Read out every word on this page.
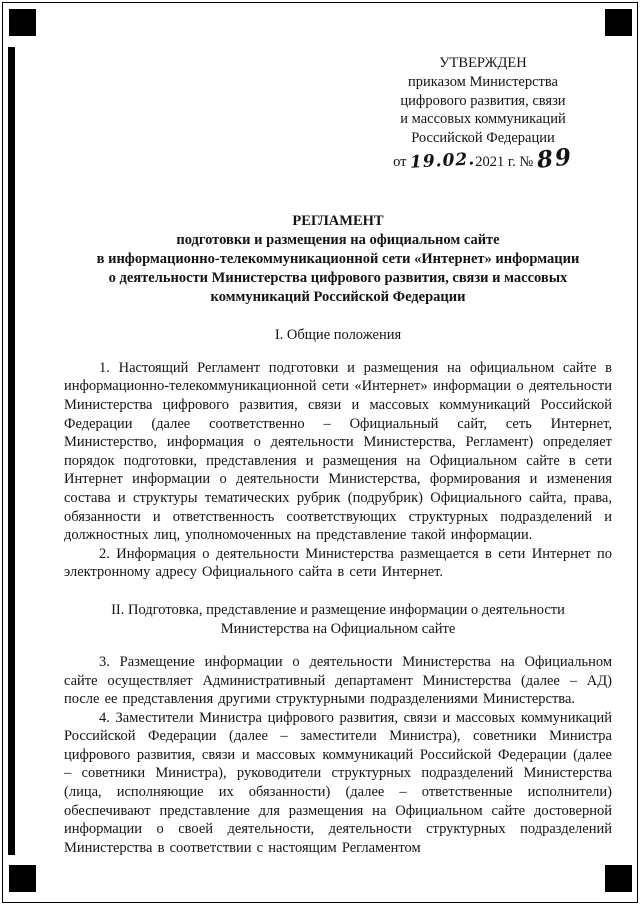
УТВЕРЖДЕН
приказом Министерства
цифрового развития, связи
и массовых коммуникаций
Российской Федерации
от 19.02.2021 г. № 89
РЕГЛАМЕНТ
подготовки и размещения на официальном сайте
в информационно-телекоммуникационной сети «Интернет» информации
о деятельности Министерства цифрового развития, связи и массовых
коммуникаций Российской Федерации
I. Общие положения

1. Настоящий Регламент подготовки и размещения на официальном сайте в информационно-телекоммуникационной сети «Интернет» информации о деятельности Министерства цифрового развития, связи и массовых коммуникаций Российской Федерации (далее соответственно – Официальный сайт, сеть Интернет, Министерство, информация о деятельности Министерства, Регламент) определяет порядок подготовки, представления и размещения на Официальном сайте в сети Интернет информации о деятельности Министерства, формирования и изменения состава и структуры тематических рубрик (подрубрик) Официального сайта, права, обязанности и ответственность соответствующих структурных подразделений и должностных лиц, уполномоченных на представление такой информации.

2. Информация о деятельности Министерства размещается в сети Интернет по электронному адресу Официального сайта в сети Интернет.

II. Подготовка, представление и размещение информации о деятельности
Министерства на Официальном сайте

3. Размещение информации о деятельности Министерства на Официальном сайте осуществляет Административный департамент Министерства (далее – АД) после ее представления другими структурными подразделениями Министерства.

4. Заместители Министра цифрового развития, связи и массовых коммуникаций Российской Федерации (далее – заместители Министра), советники Министра цифрового развития, связи и массовых коммуникаций Российской Федерации (далее – советники Министра), руководители структурных подразделений Министерства (лица, исполняющие их обязанности) (далее – ответственные исполнители) обеспечивают представление для размещения на Официальном сайте достоверной информации о своей деятельности, деятельности структурных подразделений Министерства в соответствии с настоящим Регламентом
